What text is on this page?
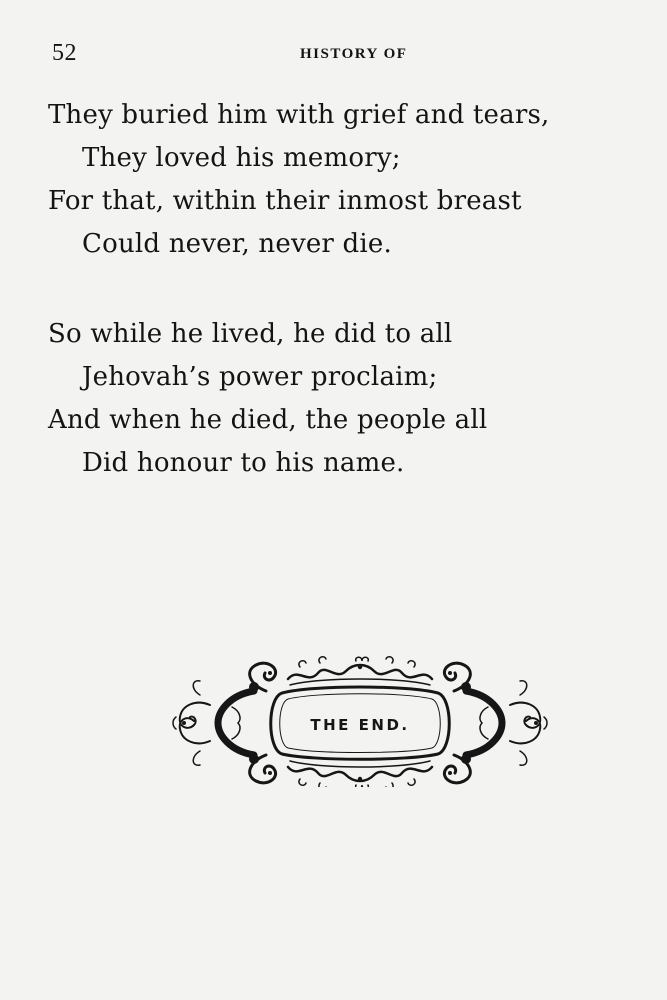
52	HISTORY OF
They buried him with grief and tears,
They loved his memory;
For that, within their inmost breast
Could never, never die.
So while he lived, he did to all
Jehovah’s power proclaim;
And when he died, the people all
Did honour to his name.
THE END.
